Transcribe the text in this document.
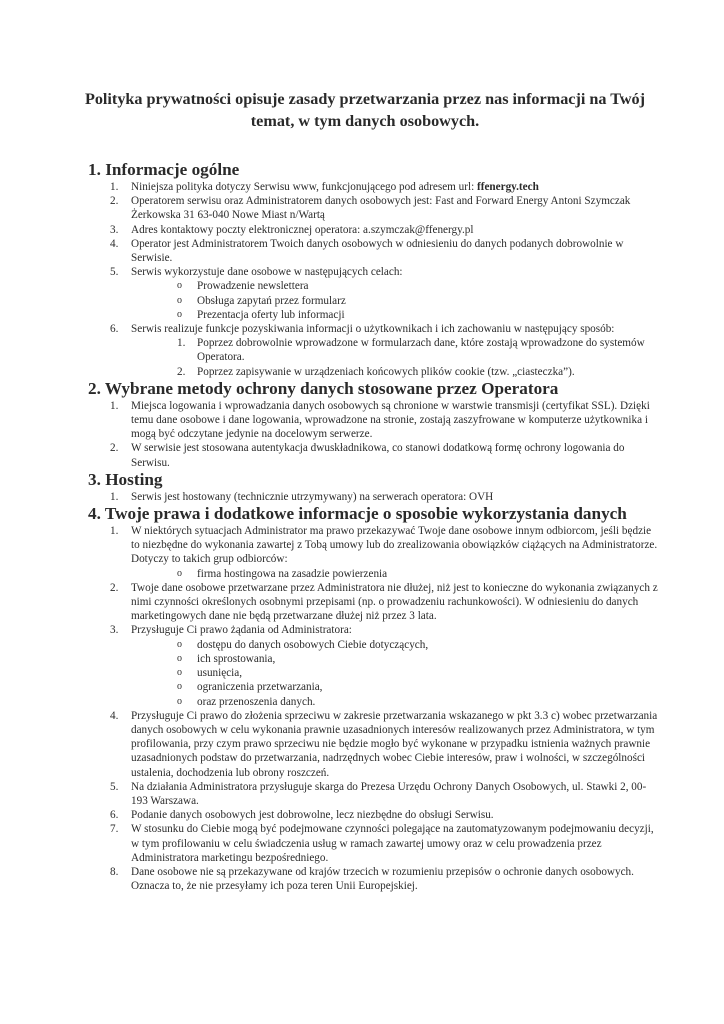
Polityka prywatności opisuje zasady przetwarzania przez nas informacji na Twój temat, w tym danych osobowych.
1. Informacje ogólne
1.	Niniejsza polityka dotyczy Serwisu www, funkcjonującego pod adresem url: ffenergy.tech
2.	Operatorem serwisu oraz Administratorem danych osobowych jest: Fast and Forward Energy Antoni Szymczak Żerkowska 31 63-040 Nowe Miast n/Wartą
3.	Adres kontaktowy poczty elektronicznej operatora: a.szymczak@ffenergy.pl
4.	Operator jest Administratorem Twoich danych osobowych w odniesieniu do danych podanych dobrowolnie w Serwisie.
5.	Serwis wykorzystuje dane osobowe w następujących celach:
o Prowadzenie newslettera
o Obsługa zapytań przez formularz
o Prezentacja oferty lub informacji
6.	Serwis realizuje funkcje pozyskiwania informacji o użytkownikach i ich zachowaniu w następujący sposób:
1. Poprzez dobrowolnie wprowadzone w formularzach dane, które zostają wprowadzone do systemów Operatora.
2. Poprzez zapisywanie w urządzeniach końcowych plików cookie (tzw. „ciasteczka”).
2. Wybrane metody ochrony danych stosowane przez Operatora
1.	Miejsca logowania i wprowadzania danych osobowych są chronione w warstwie transmisji (certyfikat SSL). Dzięki temu dane osobowe i dane logowania, wprowadzone na stronie, zostają zaszyfrowane w komputerze użytkownika i mogą być odczytane jedynie na docelowym serwerze.
2.	W serwisie jest stosowana autentykacja dwuskładnikowa, co stanowi dodatkową formę ochrony logowania do Serwisu.
3. Hosting
1.	Serwis jest hostowany (technicznie utrzymywany) na serwerach operatora: OVH
4. Twoje prawa i dodatkowe informacje o sposobie wykorzystania danych
1.	W niektórych sytuacjach Administrator ma prawo przekazywać Twoje dane osobowe innym odbiorcom, jeśli będzie to niezbędne do wykonania zawartej z Tobą umowy lub do zrealizowania obowiązków ciążących na Administratorze. Dotyczy to takich grup odbiorców:
o firma hostingowa na zasadzie powierzenia
2.	Twoje dane osobowe przetwarzane przez Administratora nie dłużej, niż jest to konieczne do wykonania związanych z nimi czynności określonych osobnymi przepisami (np. o prowadzeniu rachunkowości). W odniesieniu do danych marketingowych dane nie będą przetwarzane dłużej niż przez 3 lata.
3.	Przysługuje Ci prawo żądania od Administratora:
o dostępu do danych osobowych Ciebie dotyczących,
o ich sprostowania,
o usunięcia,
o ograniczenia przetwarzania,
o oraz przenoszenia danych.
4.	Przysługuje Ci prawo do złożenia sprzeciwu w zakresie przetwarzania wskazanego w pkt 3.3 c) wobec przetwarzania danych osobowych w celu wykonania prawnie uzasadnionych interesów realizowanych przez Administratora, w tym profilowania, przy czym prawo sprzeciwu nie będzie mogło być wykonane w przypadku istnienia ważnych prawnie uzasadnionych podstaw do przetwarzania, nadrzędnych wobec Ciebie interesów, praw i wolności, w szczególności ustalenia, dochodzenia lub obrony roszczeń.
5.	Na działania Administratora przysługuje skarga do Prezesa Urzędu Ochrony Danych Osobowych, ul. Stawki 2, 00-193 Warszawa.
6.	Podanie danych osobowych jest dobrowolne, lecz niezbędne do obsługi Serwisu.
7.	W stosunku do Ciebie mogą być podejmowane czynności polegające na zautomatyzowanym podejmowaniu decyzji, w tym profilowaniu w celu świadczenia usług w ramach zawartej umowy oraz w celu prowadzenia przez Administratora marketingu bezpośredniego.
8.	Dane osobowe nie są przekazywane od krajów trzecich w rozumieniu przepisów o ochronie danych osobowych. Oznacza to, że nie przesyłamy ich poza teren Unii Europejskiej.
